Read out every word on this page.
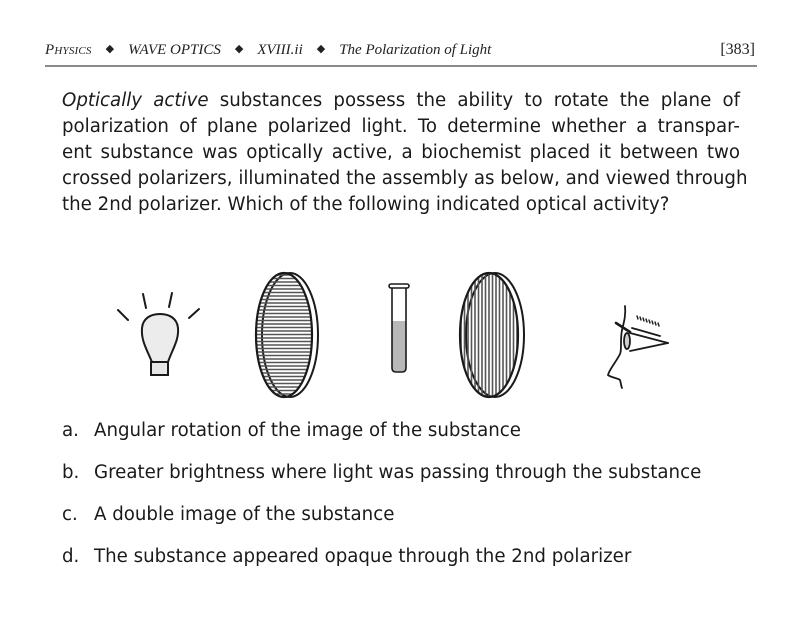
Physics ◆ WAVE OPTICS ◆ XVIII.ii ◆ The Polarization of Light	[383]
Optically active substances possess the ability to rotate the plane of
polarization of plane polarized light. To determine whether a transpar-
ent substance was optically active, a biochemist placed it between two
crossed polarizers, illuminated the assembly as below, and viewed through
the 2nd polarizer. Which of the following indicated optical activity?
a. Angular rotation of the image of the substance
b. Greater brightness where light was passing through the substance
c. A double image of the substance
d. The substance appeared opaque through the 2nd polarizer
